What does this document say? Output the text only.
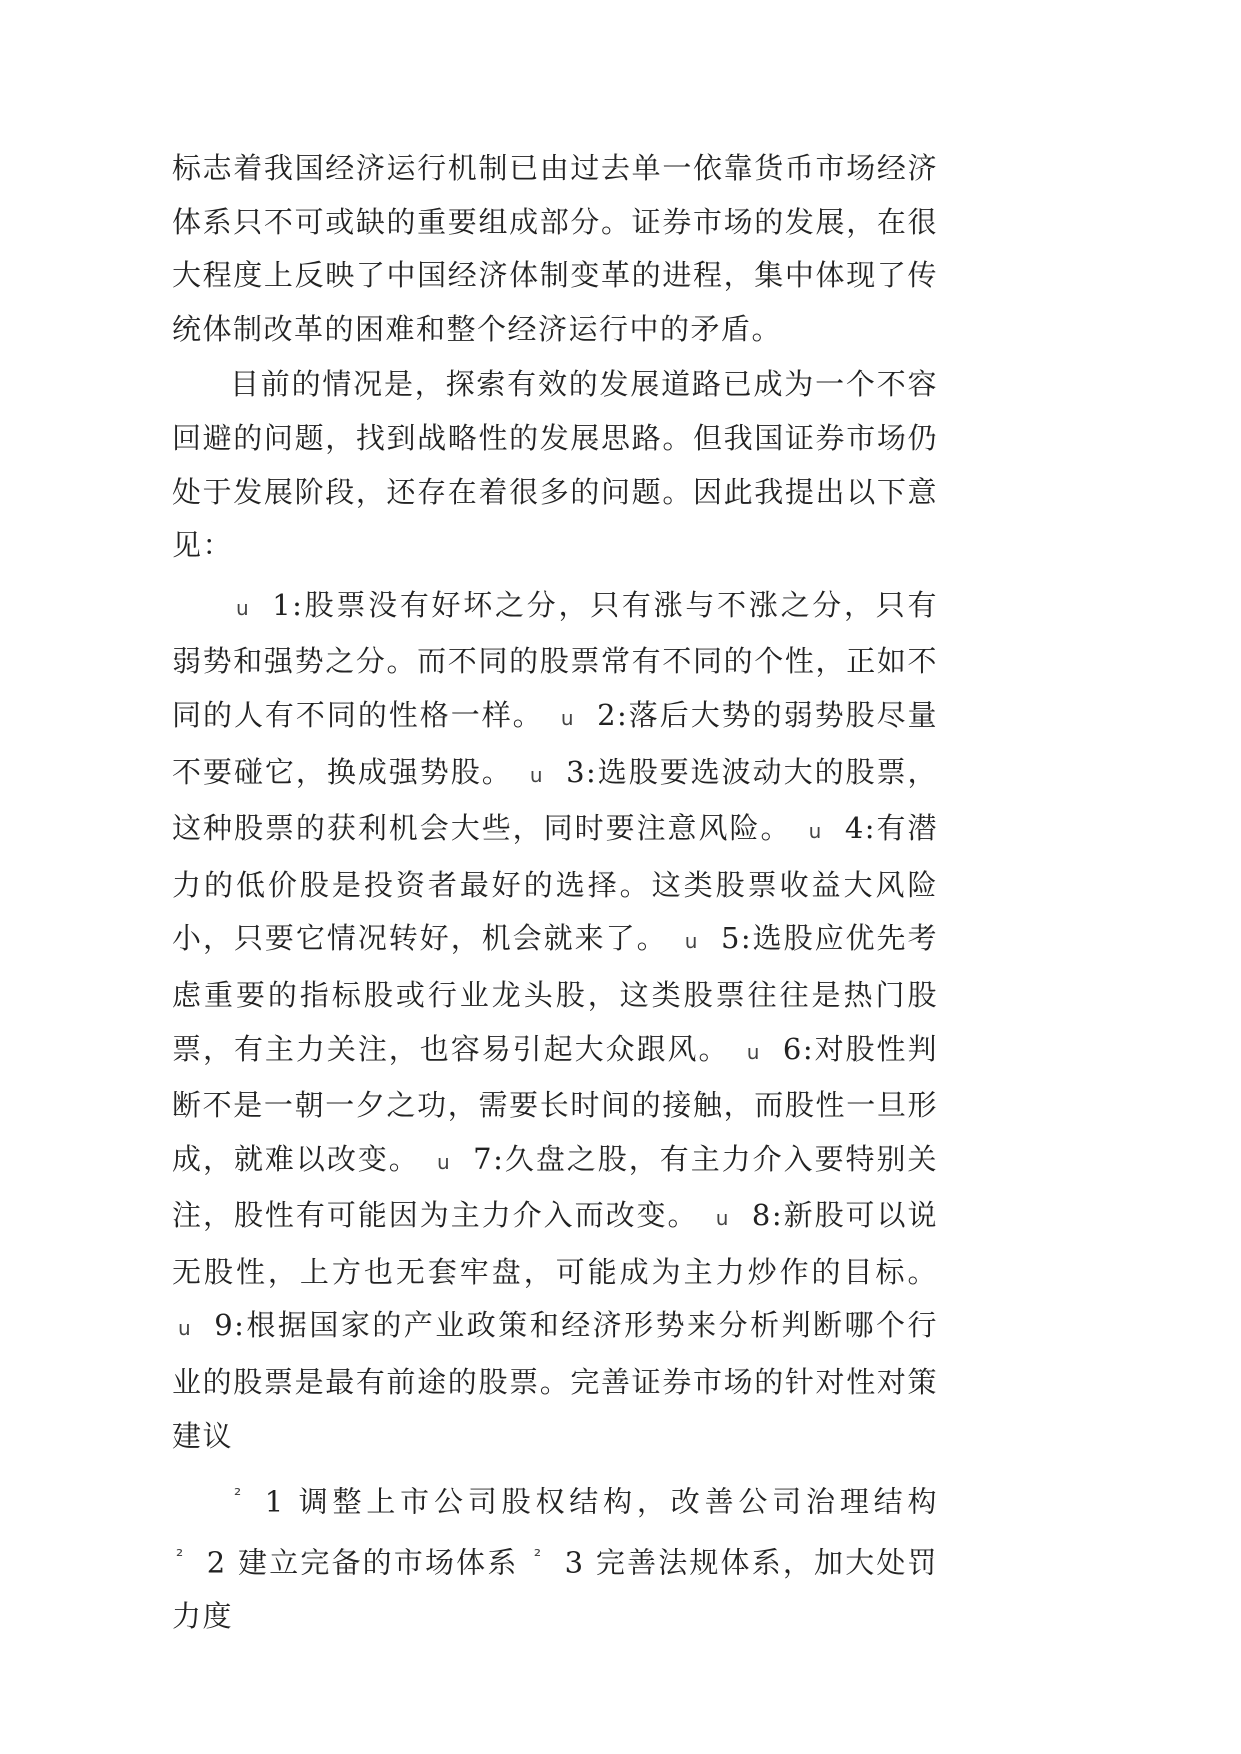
标志着我国经济运行机制已由过去单一依靠货币市场经济体系只不可或缺的重要组成部分。证券市场的发展，在很大程度上反映了中国经济体制变革的进程，集中体现了传统体制改革的困难和整个经济运行中的矛盾。

目前的情况是，探索有效的发展道路已成为一个不容回避的问题，找到战略性的发展思路。但我国证券市场仍处于发展阶段，还存在着很多的问题。因此我提出以下意见：

u 1:股票没有好坏之分，只有涨与不涨之分，只有弱势和强势之分。而不同的股票常有不同的个性，正如不同的人有不同的性格一样。 u 2:落后大势的弱势股尽量不要碰它，换成强势股。 u 3:选股要选波动大的股票，这种股票的获利机会大些，同时要注意风险。 u 4:有潜力的低价股是投资者最好的选择。这类股票收益大风险小，只要它情况转好，机会就来了。 u 5:选股应优先考虑重要的指标股或行业龙头股，这类股票往往是热门股票，有主力关注，也容易引起大众跟风。 u 6:对股性判断不是一朝一夕之功，需要长时间的接触，而股性一旦形成，就难以改变。 u 7:久盘之股，有主力介入要特别关注，股性有可能因为主力介入而改变。 u 8:新股可以说无股性，上方也无套牢盘，可能成为主力炒作的目标。 u 9:根据国家的产业政策和经济形势来分析判断哪个行业的股票是最有前途的股票。完善证券市场的针对性对策建议

$^{^2}$ 1 调整上市公司股权结构，改善公司治理结构 $^{^2}$ 2 建立完备的市场体系 $^{^2}$ 3 完善法规体系，加大处罚力度
